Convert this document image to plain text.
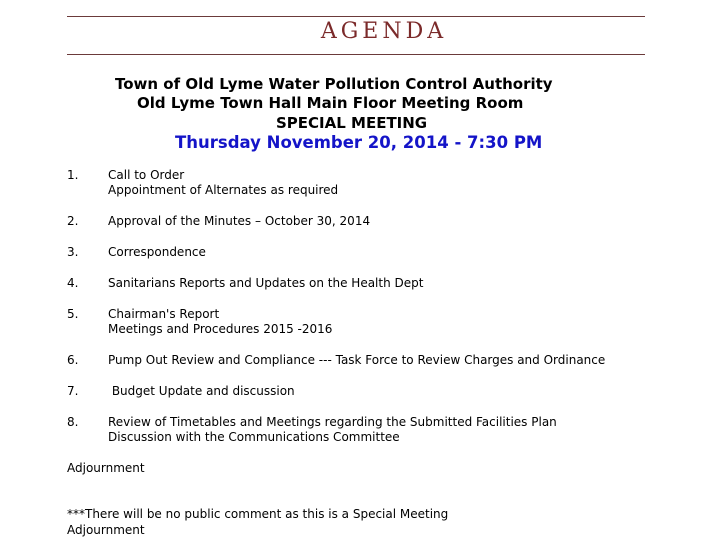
AGENDA
Town of Old Lyme Water Pollution Control Authority
Old Lyme Town Hall Main Floor Meeting Room
SPECIAL MEETING
Thursday November 20, 2014 - 7:30 PM
1. Call to Order
Appointment of Alternates as required
2. Approval of the Minutes – October 30, 2014
3. Correspondence
4. Sanitarians Reports and Updates on the Health Dept
5. Chairman's Report
Meetings and Procedures 2015 -2016
6. Pump Out Review and Compliance --- Task Force to Review Charges and Ordinance
7. Budget Update and discussion
8. Review of Timetables and Meetings regarding the Submitted Facilities Plan
Discussion with the Communications Committee
Adjournment
***There will be no public comment as this is a Special Meeting
Adjournment
